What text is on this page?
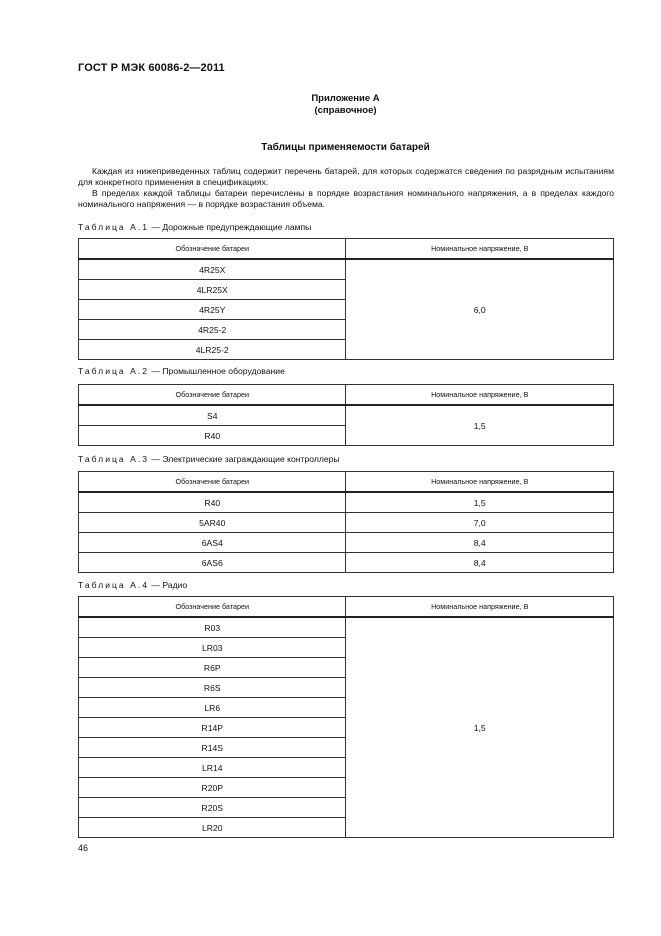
ГОСТ Р МЭК 60086-2—2011
Приложение А
(справочное)
Таблицы применяемости батарей

Каждая из нижеприведенных таблиц содержит перечень батарей, для которых содержатся сведения по разрядным испытаниям для конкретного применения в спецификациях.

В пределах каждой таблицы батареи перечислены в порядке возрастания номинального напряжения, а в пределах каждого номинального напряжения — в порядке возрастания объема.

Таблица А.1 — Дорожные предупреждающие лампы
Обозначение батареи	Номинальное напряжение, В
4R25X	6,0
4LR25X	
4R25Y	
4R25-2	
4LR25-2	
Таблица А.2 — Промышленное оборудование
Обозначение батареи	Номинальное напряжение, В
S4	1,5
R40	
Таблица А.3 — Электрические заграждающие контроллеры
Обозначение батареи	Номинальное напряжение, В
R40	1,5
5AR40	7,0
6AS4	8,4
6AS6	8,4
Таблица А.4 — Радио
Обозначение батареи	Номинальное напряжение, В
R03	1,5
LR03	
R6P	
R6S	
LR6	
R14P	
R14S	
LR14	
R20P	
R20S	
LR20	
46
